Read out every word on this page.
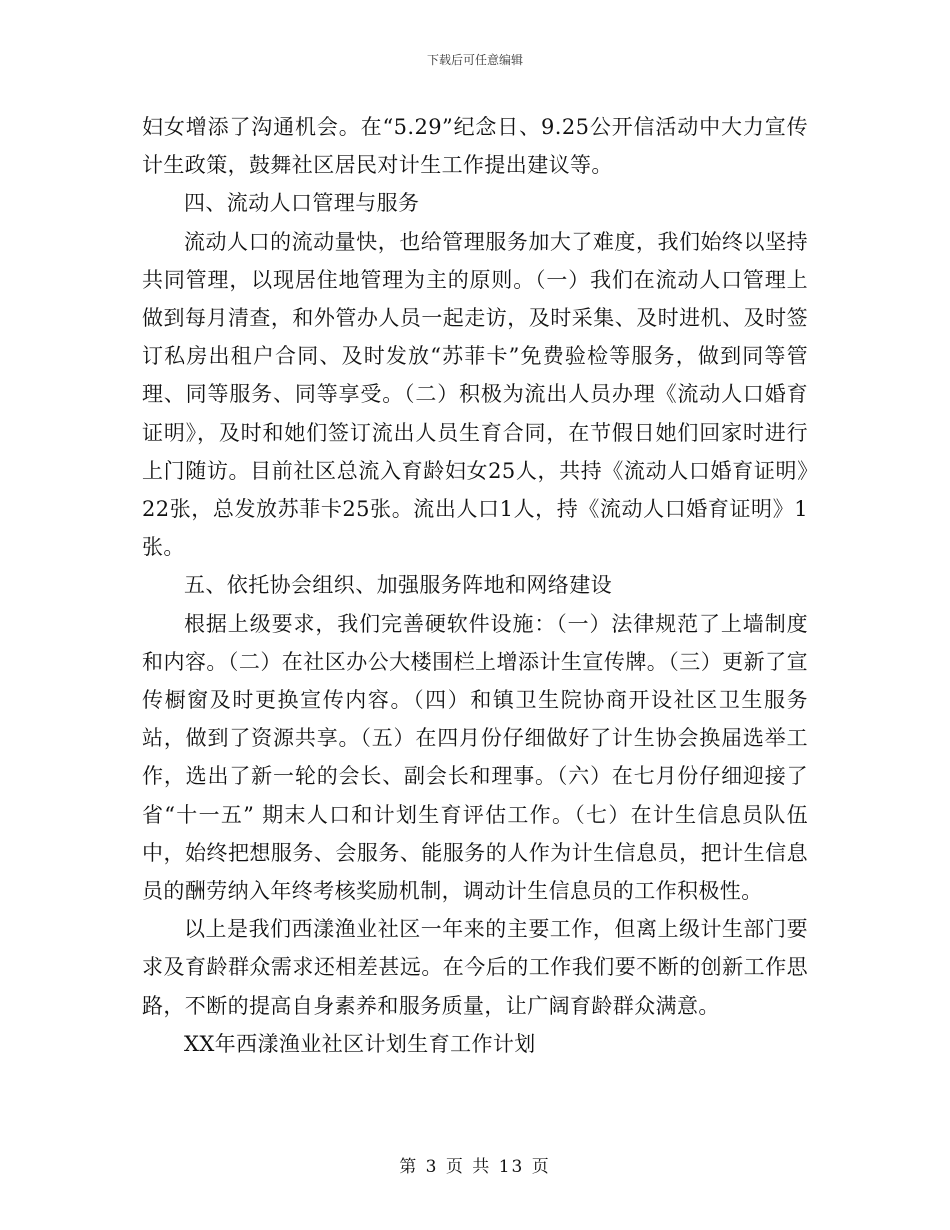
下载后可任意编辑

妇女增添了沟通机会。在“5.29”纪念日、9.25公开信活动中大力宣传计生政策，鼓舞社区居民对计生工作提出建议等。

四、流动人口管理与服务

流动人口的流动量快，也给管理服务加大了难度，我们始终以坚持共同管理，以现居住地管理为主的原则。（一）我们在流动人口管理上做到每月清查，和外管办人员一起走访，及时采集、及时进机、及时签订私房出租户合同、及时发放“苏菲卡”免费验检等服务，做到同等管理、同等服务、同等享受。（二）积极为流出人员办理《流动人口婚育证明》，及时和她们签订流出人员生育合同，在节假日她们回家时进行上门随访。目前社区总流入育龄妇女25人，共持《流动人口婚育证明》22张，总发放苏菲卡25张。流出人口1人，持《流动人口婚育证明》1张。

五、依托协会组织、加强服务阵地和网络建设

根据上级要求，我们完善硬软件设施：（一）法律规范了上墙制度和内容。（二）在社区办公大楼围栏上增添计生宣传牌。（三）更新了宣传橱窗及时更换宣传内容。（四）和镇卫生院协商开设社区卫生服务站，做到了资源共享。（五）在四月份仔细做好了计生协会换届选举工作，选出了新一轮的会长、副会长和理事。（六）在七月份仔细迎接了省“十一五” 期末人口和计划生育评估工作。（七）在计生信息员队伍中，始终把想服务、会服务、能服务的人作为计生信息员，把计生信息员的酬劳纳入年终考核奖励机制，调动计生信息员的工作积极性。

以上是我们西漾渔业社区一年来的主要工作，但离上级计生部门要求及育龄群众需求还相差甚远。在今后的工作我们要不断的创新工作思路，不断的提高自身素养和服务质量，让广阔育龄群众满意。

XX年西漾渔业社区计划生育工作计划

第 3 页 共 13 页
